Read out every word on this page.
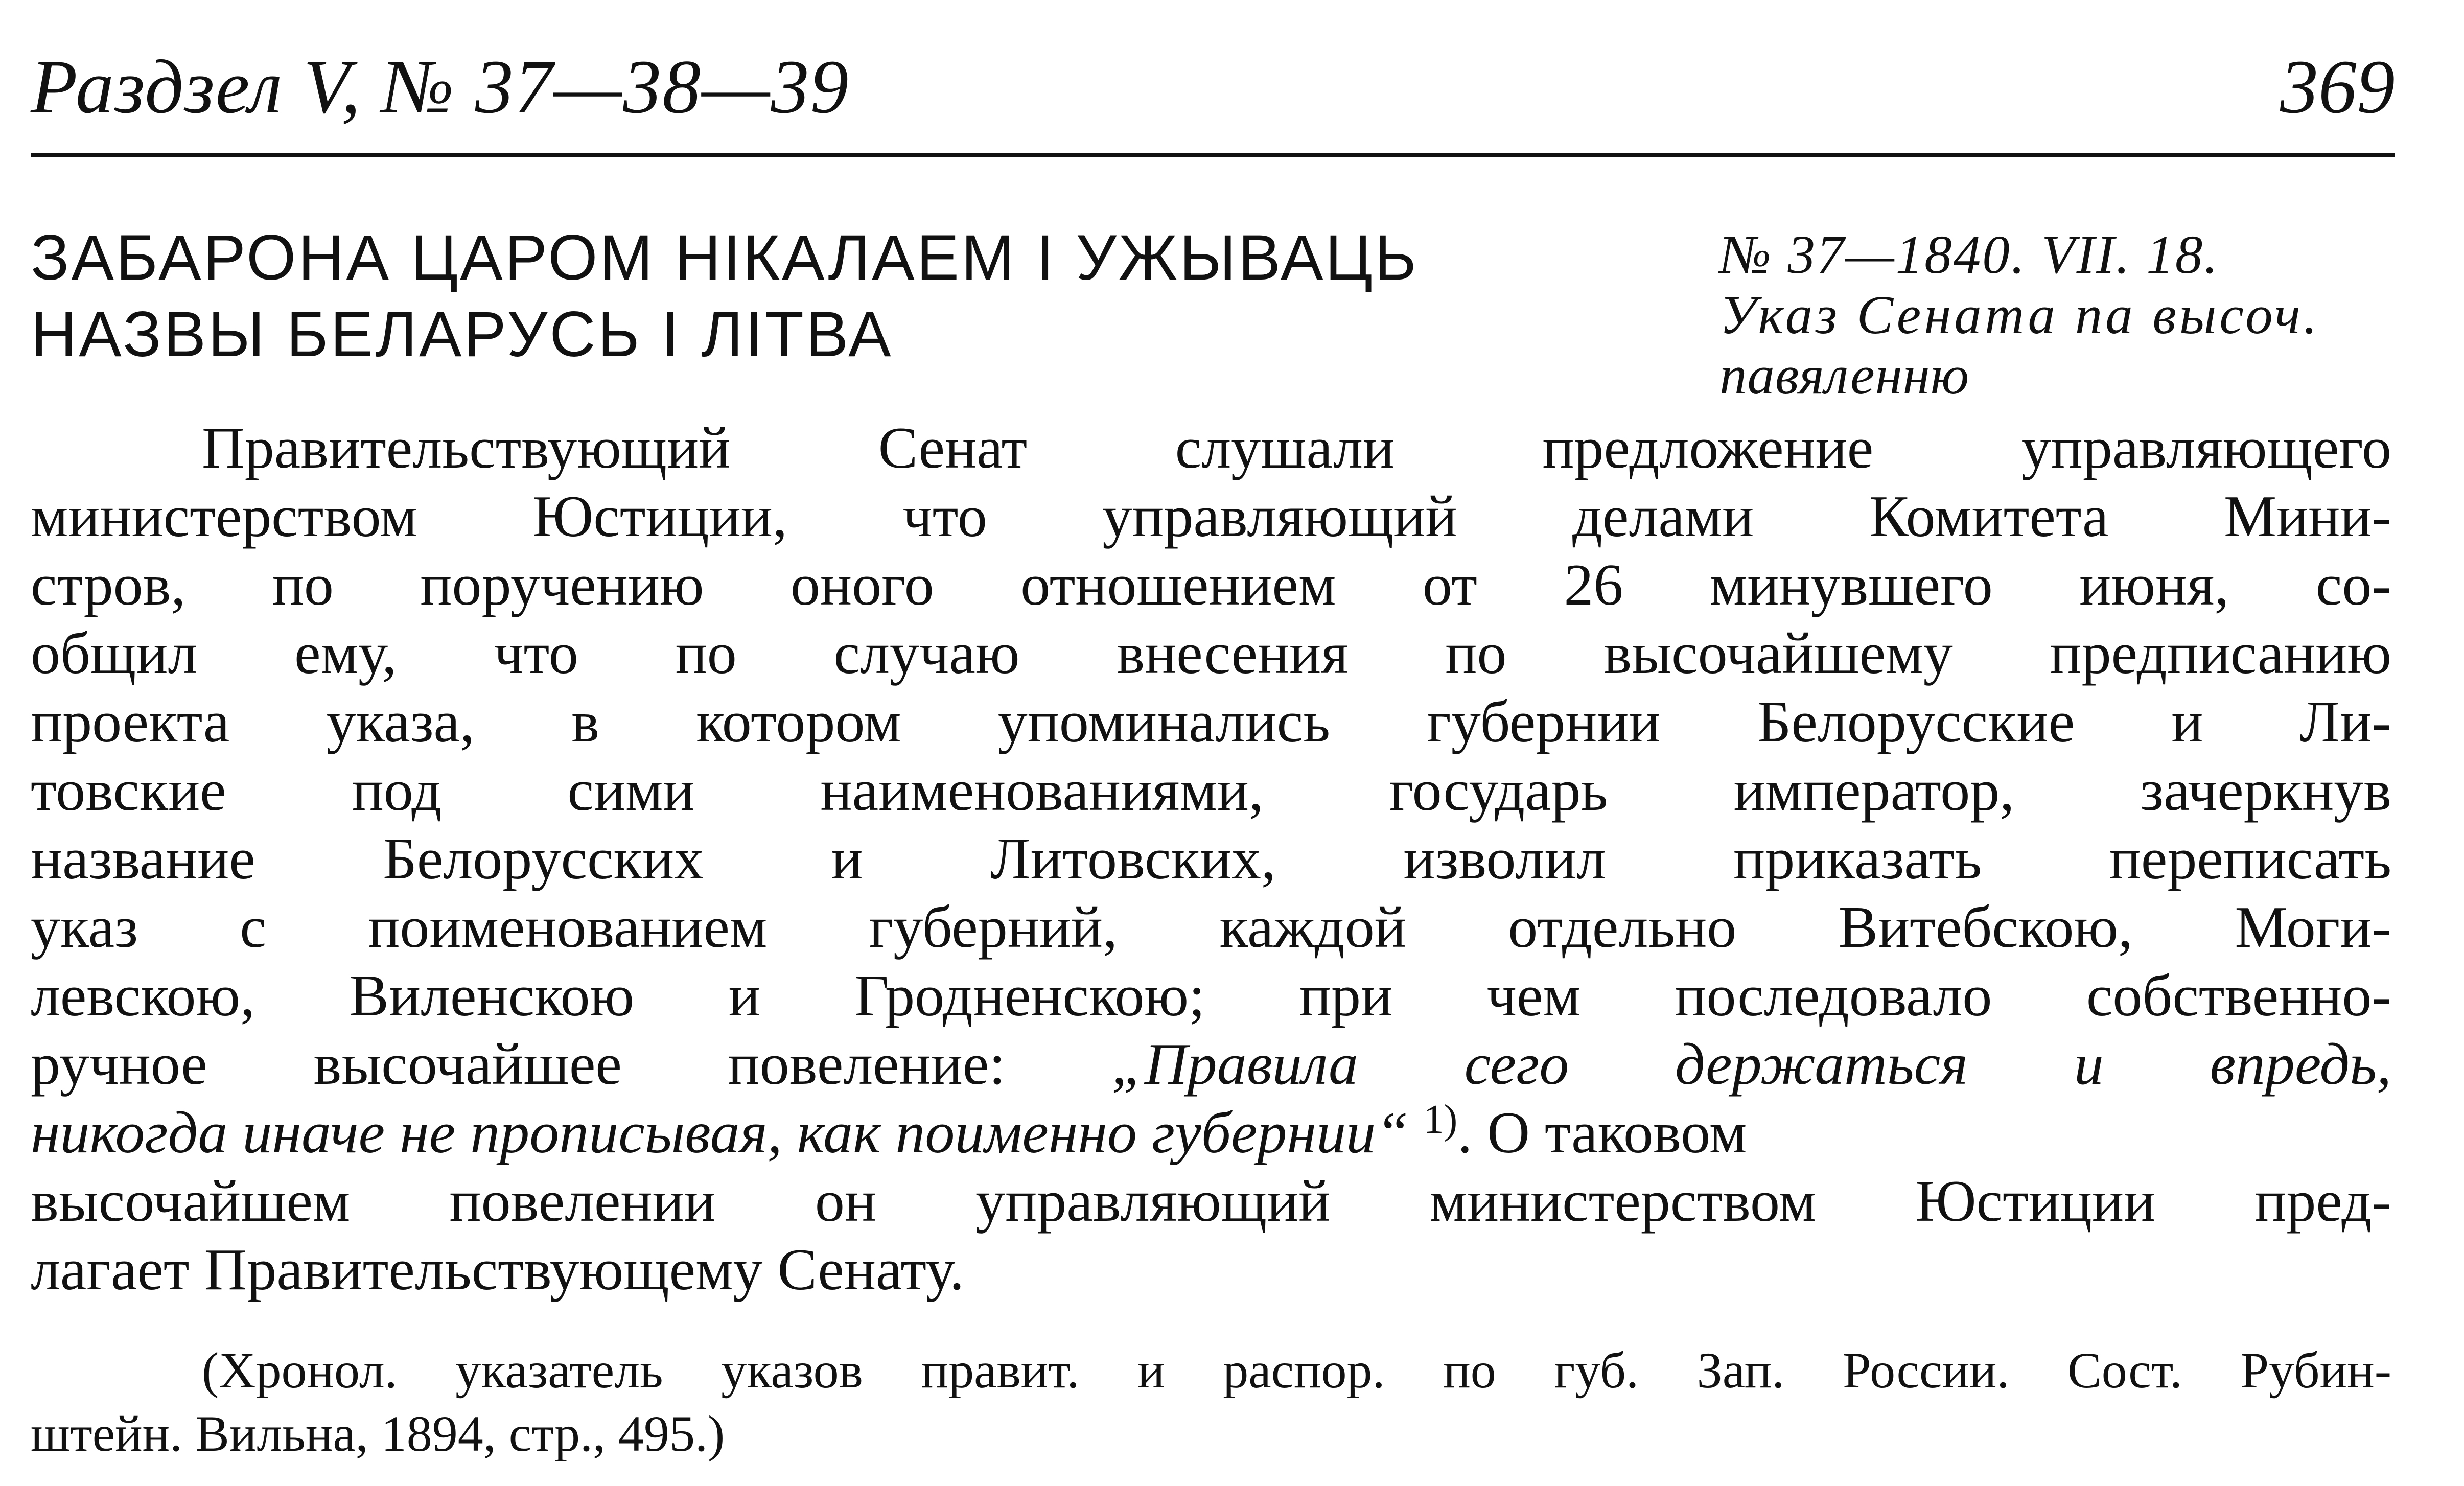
Раздзел V, № 37—38—39	369
ЗАБАРОНА ЦАРОМ НІКАЛАЕМ І УЖЫВАЦЬ
НАЗВЫ БЕЛАРУСЬ І ЛІТВА
№ 37—1840. VII. 18.
Указ Сената па высоч.
павяленню
Правительствующий Сенат слушали предложение управляющего
министерством Юстиции, что управляющий делами Комитета Мини-
стров, по поручению оного отношением от 26 минувшего июня, со-
общил ему, что по случаю внесения по высочайшему предписанию
проекта указа, в котором упоминались губернии Белорусские и Ли-
товские под сими наименованиями, государь император, зачеркнув
название Белорусских и Литовских, изволил приказать переписать
указ с поименованием губерний, каждой отдельно Витебскою, Моги-
левскою, Виленскою и Гродненскою; при чем последовало собственно-
ручное высочайшее повеление: „Правила сего держаться и впредь,
никогда иначе не прописывая, как поименно губернии“ $^{1)}$. О таковом
высочайшем повелении он управляющий министерством Юстиции пред-
лагает Правительствующему Сенату.
(Хронол. указатель указов правит. и распор. по губ. Зап. России. Сост. Рубин-
штейн. Вильна, 1894, стр., 495.)
